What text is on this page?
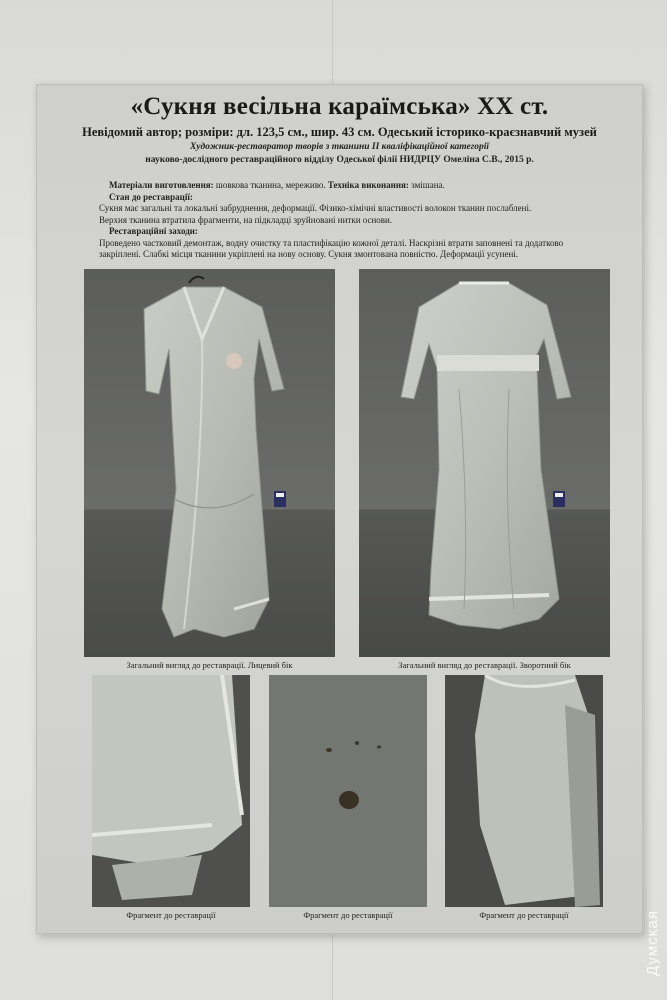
«Сукня весільна караїмська» XX ст.
Невідомий автор; розміри: дл. 123,5 см., шир. 43 см. Одеський історико-краєзнавчий музей
Художник-реставратор творів з тканини ІІ кваліфікаційної категорії
науково-дослідного реставраційного відділу Одеської філії НИДРЦУ Омеліна С.В., 2015 р.
Матеріали виготовлення: шовкова тканина, мереживо. Техніка виконання: змішана.
Стан до реставрації:
Сукня має загальні та локальні забруднення, деформації. Фізико-хімічні властивості волокон тканин послаблені.
Верхня тканина втратила фрагменти, на підкладці зруйновані нитки основи.
Реставраційні заходи:
Проведено частковий демонтаж, водну очистку та пластифікацію кожної деталі. Наскрізні втрати заповнені та додатково
закріплені. Слабкі місця тканини укріплені на нову основу. Сукня змонтована повністю. Деформації усунені.
Загальний вигляд до реставрації. Лицевий бік	Загальний вигляд до реставрації. Зворотний бік
Фрагмент до реставрації	Фрагмент до реставрації	Фрагмент до реставрації	Думская
